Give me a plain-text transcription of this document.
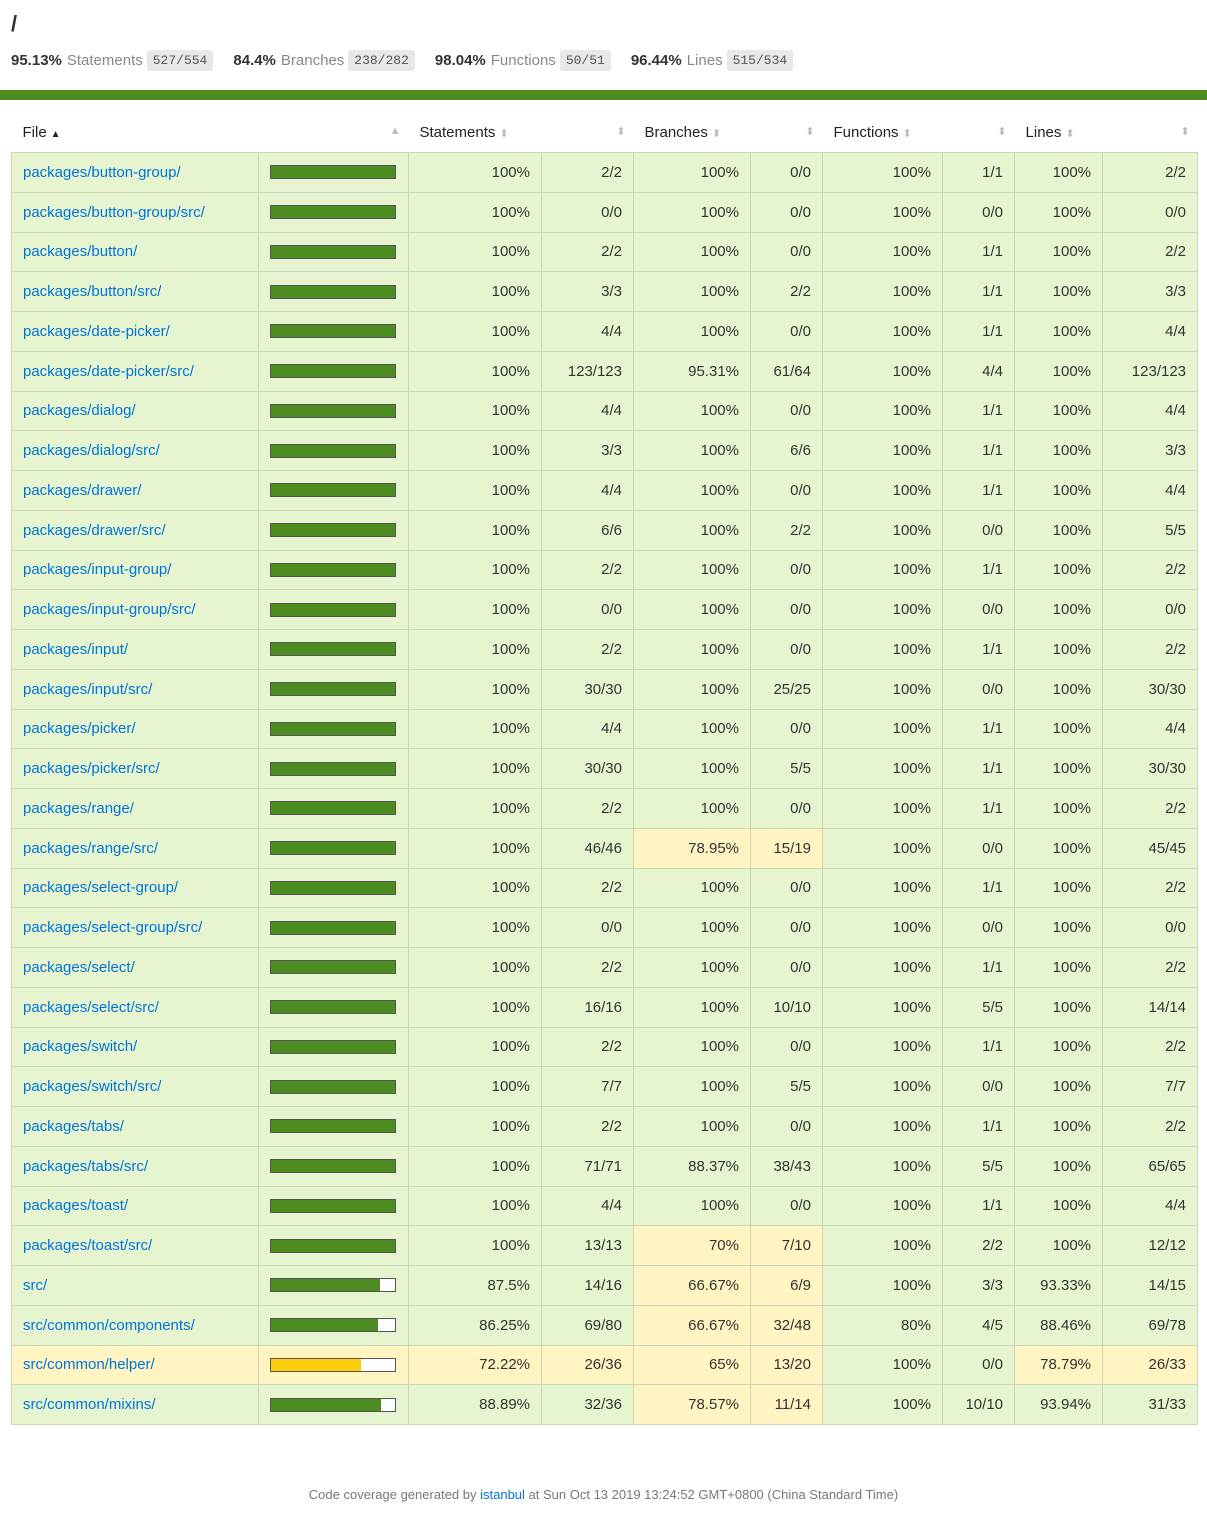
/
95.13% Statements 527/554	84.4% Branches 238/282	98.04% Functions 50/51	96.44% Lines 515/534
File ▲	▲︎	Statements ⬍ ⬍		Branches ⬍ ⬍		Functions ⬍ ⬍		Lines ⬍ ⬍	

packages/button-group/		100%	2/2	100%	0/0	100%	1/1	100%	2/2
packages/button-group/src/		100%	0/0	100%	0/0	100%	0/0	100%	0/0
packages/button/		100%	2/2	100%	0/0	100%	1/1	100%	2/2
packages/button/src/		100%	3/3	100%	2/2	100%	1/1	100%	3/3
packages/date-picker/		100%	4/4	100%	0/0	100%	1/1	100%	4/4
packages/date-picker/src/		100%	123/123	95.31%	61/64	100%	4/4	100%	123/123
packages/dialog/		100%	4/4	100%	0/0	100%	1/1	100%	4/4
packages/dialog/src/		100%	3/3	100%	6/6	100%	1/1	100%	3/3
packages/drawer/		100%	4/4	100%	0/0	100%	1/1	100%	4/4
packages/drawer/src/		100%	6/6	100%	2/2	100%	0/0	100%	5/5
packages/input-group/		100%	2/2	100%	0/0	100%	1/1	100%	2/2
packages/input-group/src/		100%	0/0	100%	0/0	100%	0/0	100%	0/0
packages/input/		100%	2/2	100%	0/0	100%	1/1	100%	2/2
packages/input/src/		100%	30/30	100%	25/25	100%	0/0	100%	30/30
packages/picker/		100%	4/4	100%	0/0	100%	1/1	100%	4/4
packages/picker/src/		100%	30/30	100%	5/5	100%	1/1	100%	30/30
packages/range/		100%	2/2	100%	0/0	100%	1/1	100%	2/2
packages/range/src/		100%	46/46	78.95%	15/19	100%	0/0	100%	45/45
packages/select-group/		100%	2/2	100%	0/0	100%	1/1	100%	2/2
packages/select-group/src/		100%	0/0	100%	0/0	100%	0/0	100%	0/0
packages/select/		100%	2/2	100%	0/0	100%	1/1	100%	2/2
packages/select/src/		100%	16/16	100%	10/10	100%	5/5	100%	14/14
packages/switch/		100%	2/2	100%	0/0	100%	1/1	100%	2/2
packages/switch/src/		100%	7/7	100%	5/5	100%	0/0	100%	7/7
packages/tabs/		100%	2/2	100%	0/0	100%	1/1	100%	2/2
packages/tabs/src/		100%	71/71	88.37%	38/43	100%	5/5	100%	65/65
packages/toast/		100%	4/4	100%	0/0	100%	1/1	100%	4/4
packages/toast/src/		100%	13/13	70%	7/10	100%	2/2	100%	12/12
src/		87.5%	14/16	66.67%	6/9	100%	3/3	93.33%	14/15
src/common/components/		86.25%	69/80	66.67%	32/48	80%	4/5	88.46%	69/78
src/common/helper/		72.22%	26/36	65%	13/20	100%	0/0	78.79%	26/33
src/common/mixins/		88.89%	32/36	78.57%	11/14	100%	10/10	93.94%	31/33
Code coverage generated by istanbul at Sun Oct 13 2019 13:24:52 GMT+0800 (China Standard Time)
